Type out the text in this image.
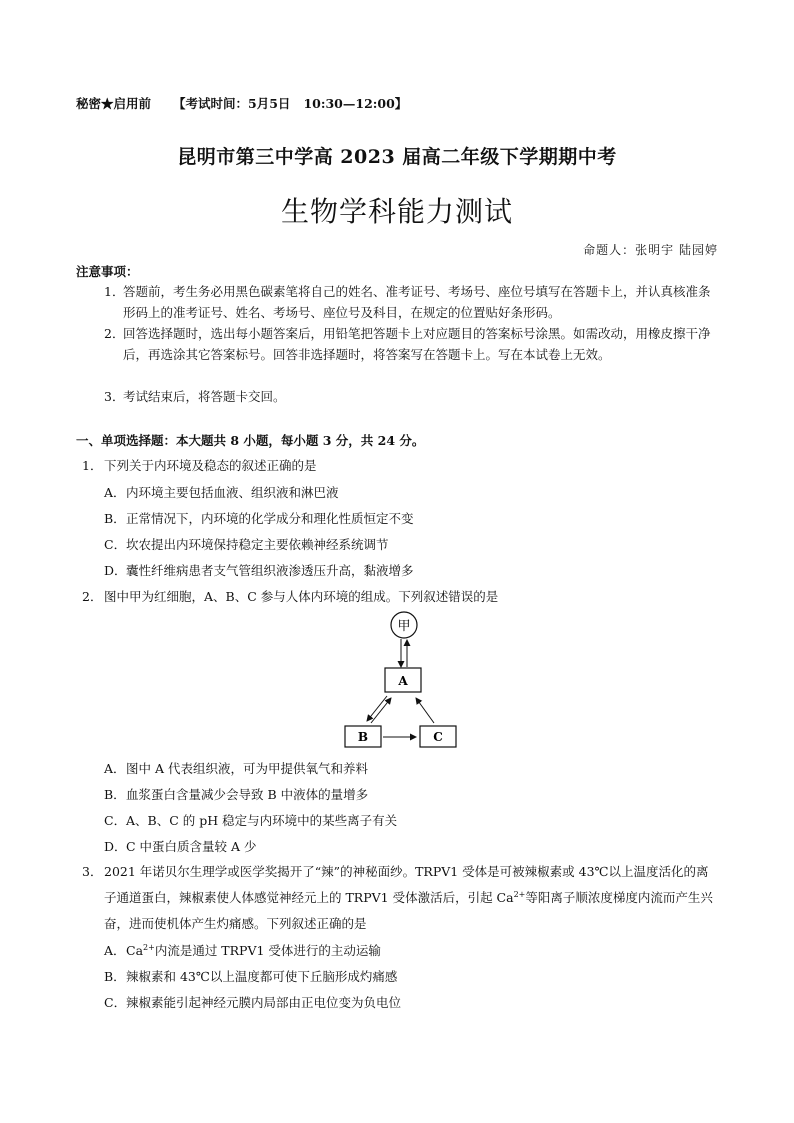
秘密★启用前 【考试时间：5月5日   10:30—12:00】
昆明市第三中学高 2023 届高二年级下学期期中考
生物学科能力测试
命题人：张明宇 陆园婷
注意事项：
1．
答题前，考生务必用黑色碳素笔将自己的姓名、准考证号、考场号、座位号填写在答题卡上，并认真核准条形码上的准考证号、姓名、考场号、座位号及科目，在规定的位置贴好条形码。
2．
回答选择题时，选出每小题答案后，用铅笔把答题卡上对应题目的答案标号涂黑。如需改动，用橡皮擦干净后，再选涂其它答案标号。回答非选择题时，将答案写在答题卡上。写在本试卷上无效。
3．
考试结束后，将答题卡交回。
一、单项选择题：本大题共 8 小题，每小题 3 分，共 24 分。
1． 下列关于内环境及稳态的叙述正确的是
A．内环境主要包括血液、组织液和淋巴液
B．正常情况下，内环境的化学成分和理化性质恒定不变
C．坎农提出内环境保持稳定主要依赖神经系统调节
D．囊性纤维病患者支气管组织液渗透压升高，黏液增多
2． 图中甲为红细胞，A、B、C 参与人体内环境的组成。下列叙述错误的是
甲
A
B	C
A．图中 A 代表组织液，可为甲提供氧气和养料
B．血浆蛋白含量减少会导致 B 中液体的量增多
C．A、B、C 的 pH 稳定与内环境中的某些离子有关
D．C 中蛋白质含量较 A 少
3． 2021 年诺贝尔生理学或医学奖揭开了“辣”的神秘面纱。TRPV1 受体是可被辣椒素或 43℃以上温度活化的离子通道蛋白，辣椒素使人体感觉神经元上的 TRPV1 受体激活后，引起 $Ca^{2+}$等阳离子顺浓度梯度内流而产生兴奋，进而使机体产生灼痛感。下列叙述正确的是
A．$Ca^{2+}$内流是通过 TRPV1 受体进行的主动运输
B．辣椒素和 43℃以上温度都可使下丘脑形成灼痛感
C．辣椒素能引起神经元膜内局部由正电位变为负电位
